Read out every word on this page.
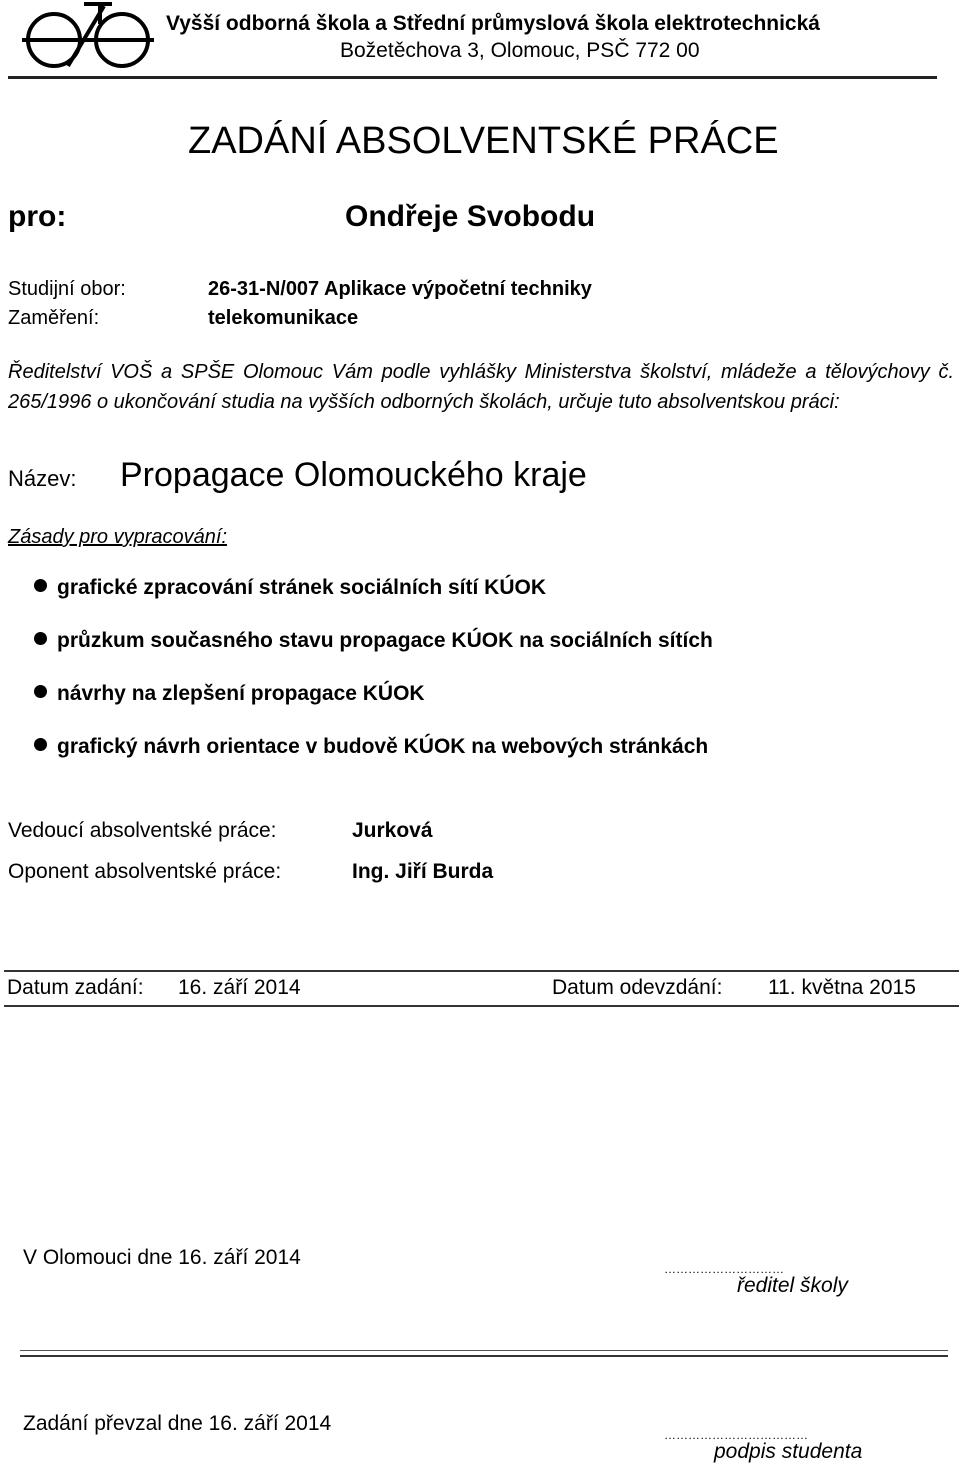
Vyšší odborná škola a Střední průmyslová škola elektrotechnická
Božetěchova 3, Olomouc, PSČ 772 00
ZADÁNÍ ABSOLVENTSKÉ PRÁCE
pro:	Ondřeje Svobodu
Studijní obor:	26-31-N/007 Aplikace výpočetní techniky
Zaměření:	telekomunikace
Ředitelství VOŠ a SPŠE Olomouc Vám podle vyhlášky Ministerstva školství, mládeže a tělovýchovy č. 265/1996 o ukončování studia na vyšších odborných školách, určuje tuto absolventskou práci:
Název: Propagace Olomouckého kraje
Zásady pro vypracování:
grafické zpracování stránek sociálních sítí KÚOK
průzkum současného stavu propagace KÚOK na sociálních sítích
návrhy na zlepšení propagace KÚOK
grafický návrh orientace v budově KÚOK na webových stránkách
Vedoucí absolventské práce:	Jurková
Oponent absolventské práce:	Ing. Jiří Burda
Datum zadání: 16. září 2014	Datum odevzdání: 11. května 2015
V Olomouci dne 16. září 2014	…………………………
ředitel školy
Zadání převzal dne 16. září 2014	………………………………
podpis studenta
